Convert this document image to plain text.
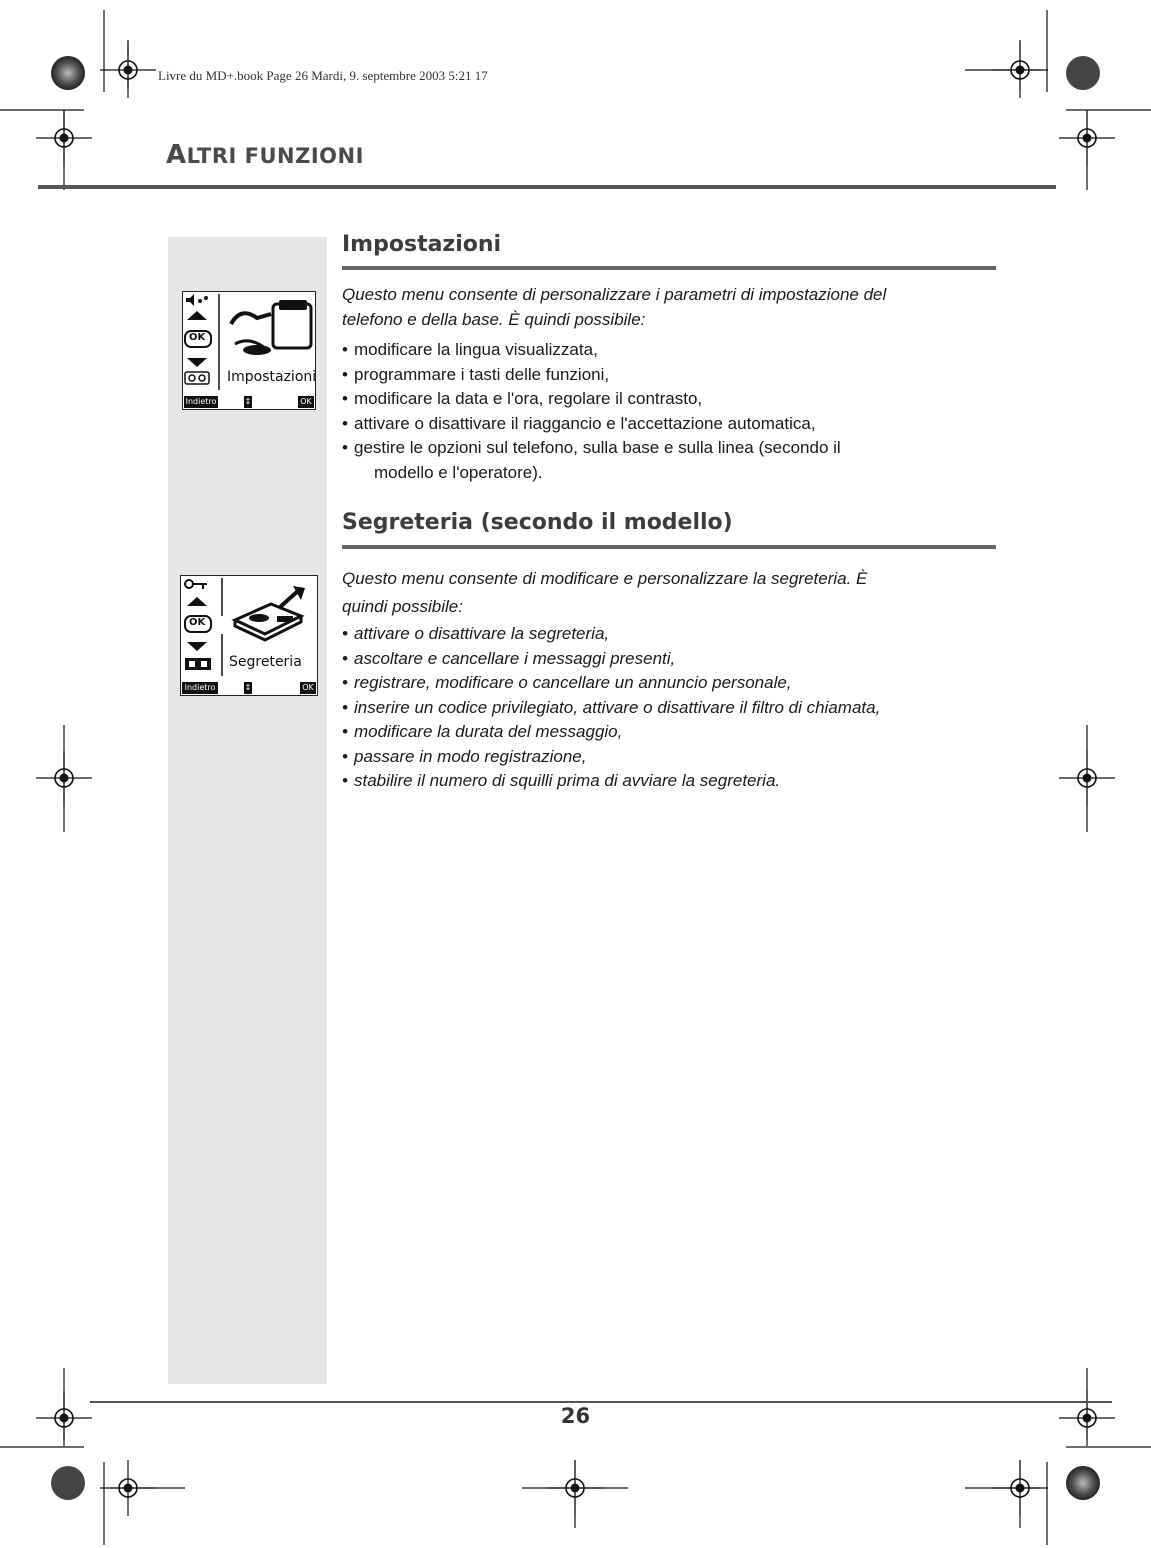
Livre du MD+.book Page 26 Mardi, 9. septembre 2003 5:21 17
ALTRI FUNZIONI
Impostazioni

Questo menu consente di personalizzare i parametri di impostazione del
telefono e della base. È quindi possibile:

• modificare la lingua visualizzata,
• programmare i tasti delle funzioni,
• modificare la data e l'ora, regolare il contrasto,
• attivare o disattivare il riaggancio e l'accettazione automatica,
• gestire le opzioni sul telefono, sulla base e sulla linea (secondo il
modello e l'operatore).
OK
Impostazioni
Indietro	↕	OK
Segreteria (secondo il modello)

Questo menu consente di modificare e personalizzare la segreteria. È
quindi possibile:

• attivare o disattivare la segreteria,
• ascoltare e cancellare i messaggi presenti,
• registrare, modificare o cancellare un annuncio personale,
• inserire un codice privilegiato, attivare o disattivare il filtro di chiamata,
• modificare la durata del messaggio,
• passare in modo registrazione,
• stabilire il numero di squilli prima di avviare la segreteria.
OK
Segreteria
Indietro	↕	OK
26
